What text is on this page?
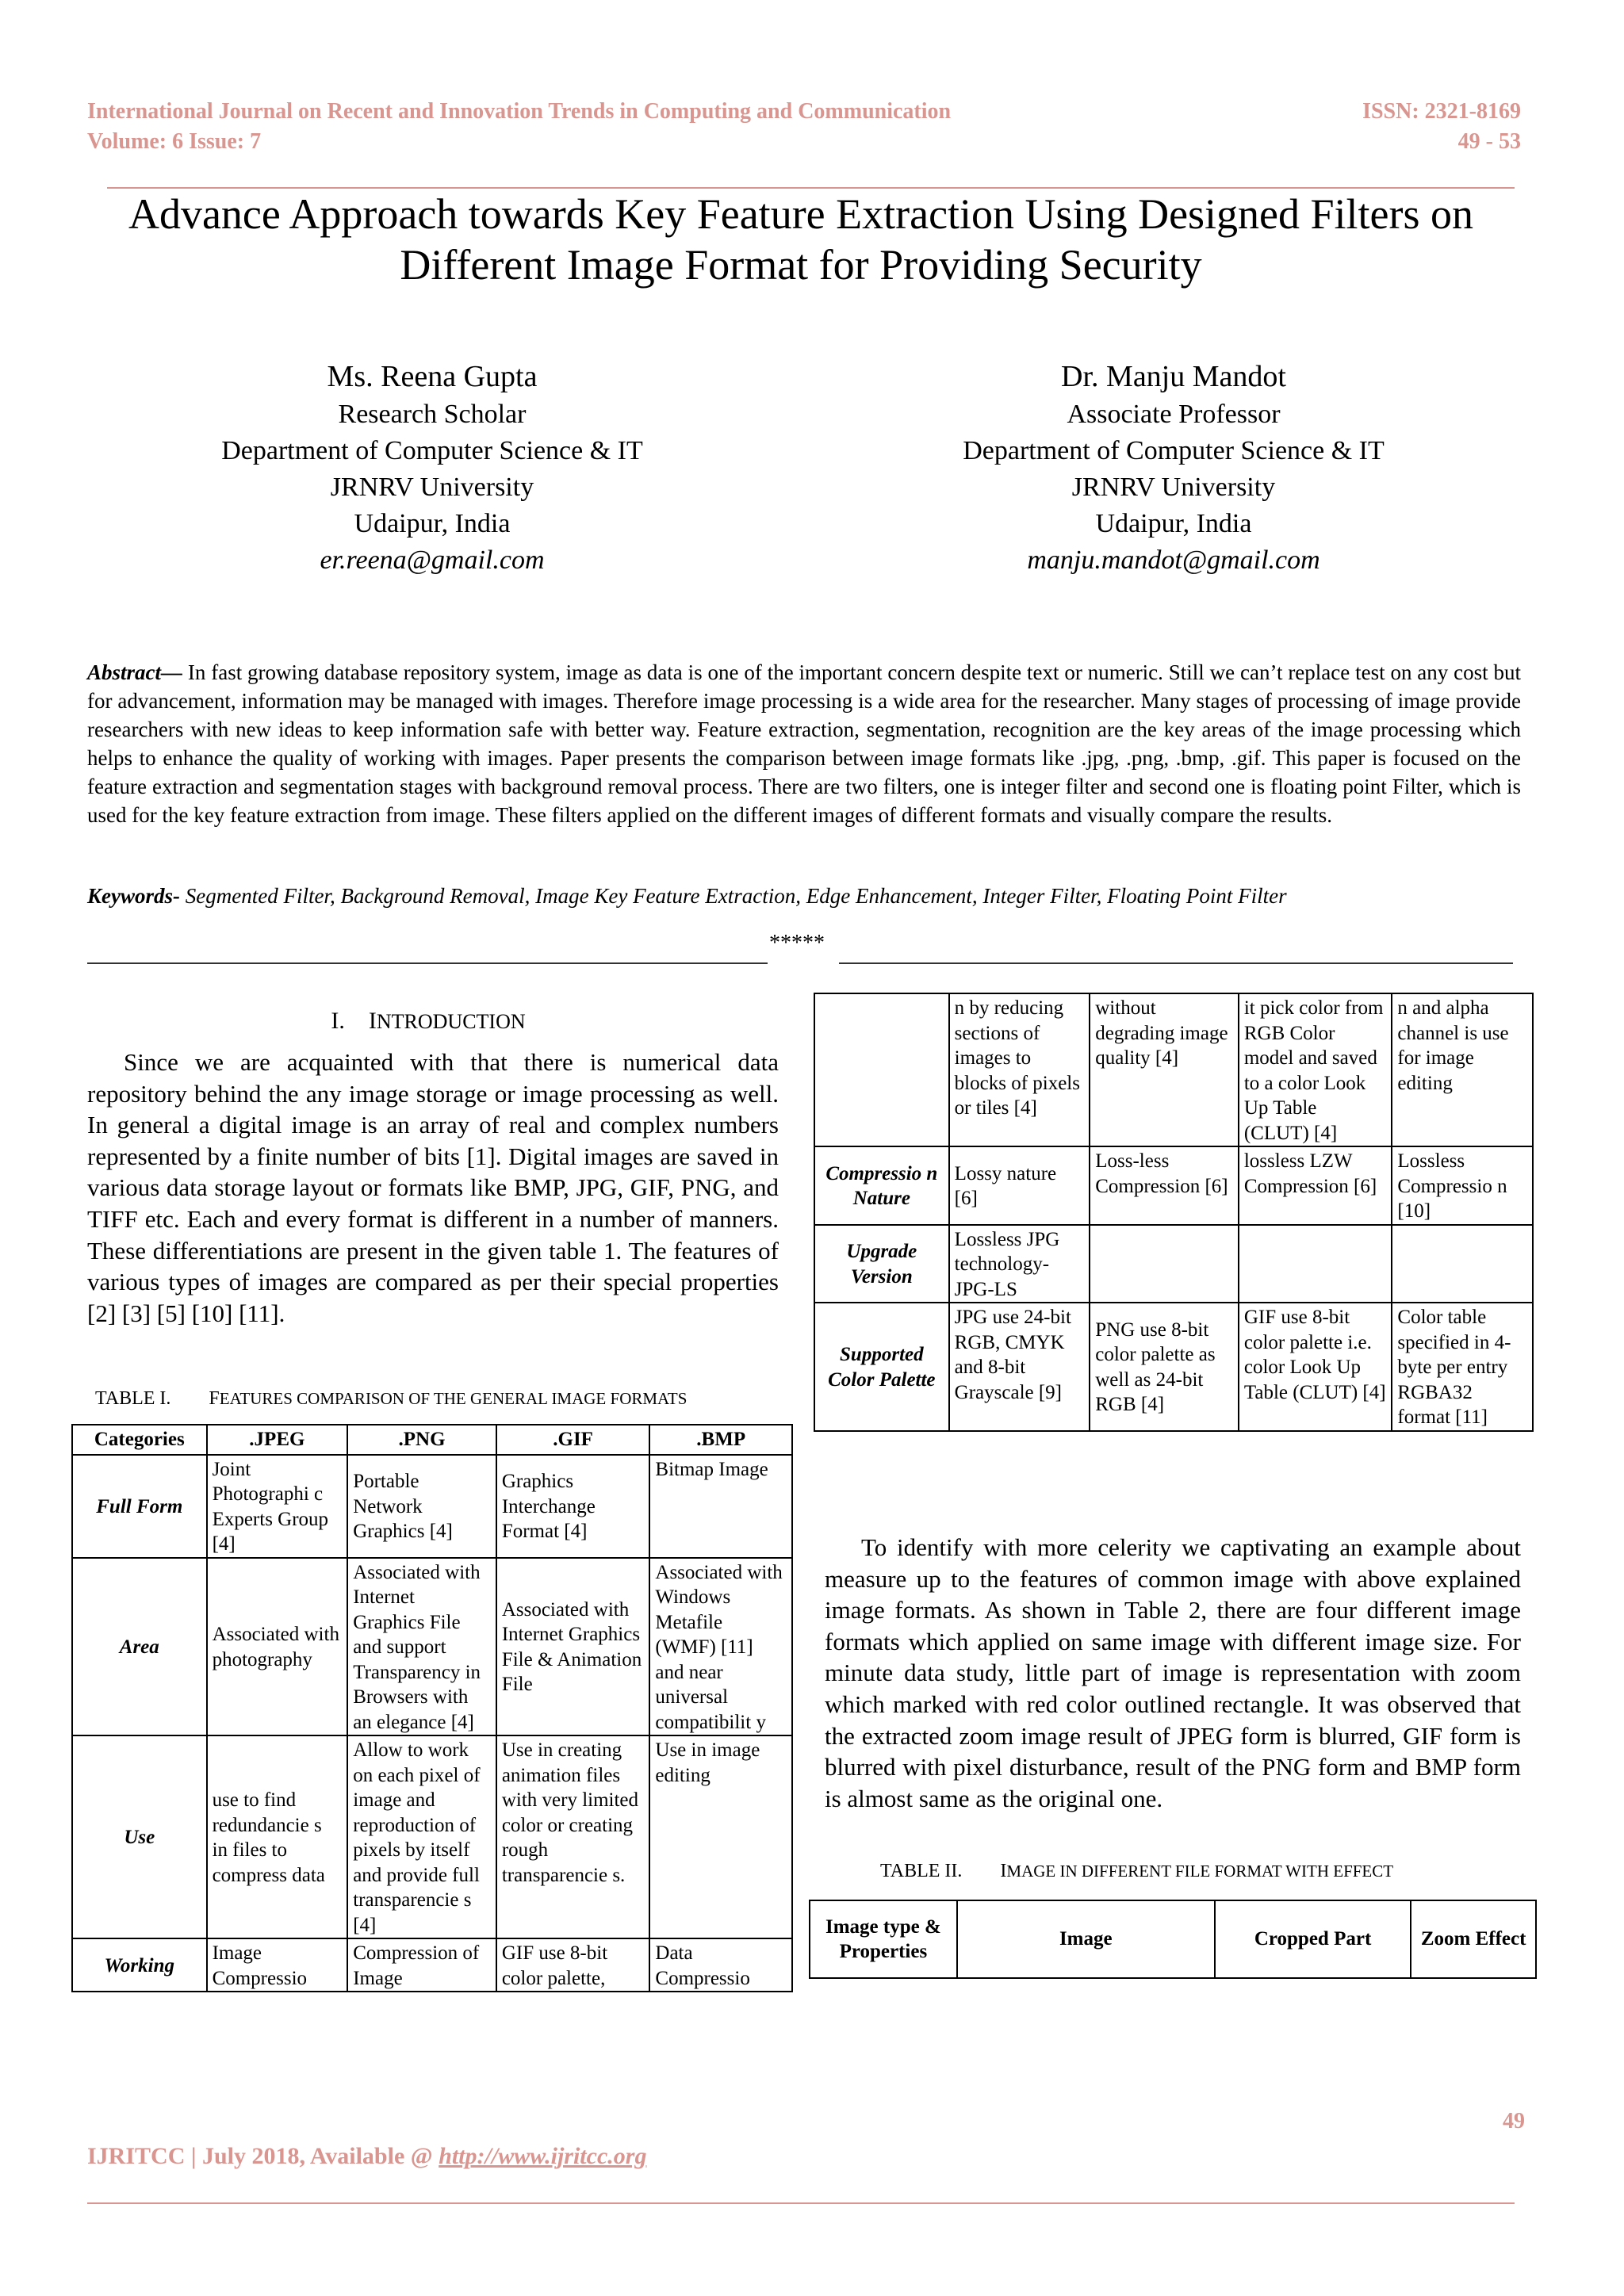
International Journal on Recent and Innovation Trends in Computing and Communication
Volume: 6 Issue: 7
ISSN: 2321-8169
49 - 53
Advance Approach towards Key Feature Extraction Using Designed Filters on Different Image Format for Providing Security
Ms. Reena Gupta
Research Scholar
Department of Computer Science & IT
JRNRV University
Udaipur, India
er.reena@gmail.com
Dr. Manju Mandot
Associate Professor
Department of Computer Science & IT
JRNRV University
Udaipur, India
manju.mandot@gmail.com
Abstract— In fast growing database repository system, image as data is one of the important concern despite text or numeric. Still we can’t replace test on any cost but for advancement, information may be managed with images. Therefore image processing is a wide area for the researcher. Many stages of processing of image provide researchers with new ideas to keep information safe with better way. Feature extraction, segmentation, recognition are the key areas of the image processing which helps to enhance the quality of working with images. Paper presents the comparison between image formats like .jpg, .png, .bmp, .gif. This paper is focused on the feature extraction and segmentation stages with background removal process. There are two filters, one is integer filter and second one is floating point Filter, which is used for the key feature extraction from image. These filters applied on the different images of different formats and visually compare the results.
Keywords- Segmented Filter, Background Removal, Image Key Feature Extraction, Edge Enhancement, Integer Filter, Floating Point Filter
*****
I. INTRODUCTION
Since we are acquainted with that there is numerical data repository behind the any image storage or image processing as well. In general a digital image is an array of real and complex numbers represented by a finite number of bits [1]. Digital images are saved in various data storage layout or formats like BMP, JPG, GIF, PNG, and TIFF etc. Each and every format is different in a number of manners. These differentiations are present in the given table 1. The features of various types of images are compared as per their special properties [2] [3] [5] [10] [11].
TABLE I. FEATURES COMPARISON OF THE GENERAL IMAGE FORMATS
Categories	.JPEG	.PNG	.GIF	.BMP
Full Form	Joint Photographi c Experts Group [4]	Portable Network Graphics [4]	Graphics Interchange Format [4]	Bitmap Image
Area	Associated with photography	Associated with Internet Graphics File and support Transparency in Browsers with an elegance [4]	Associated with Internet Graphics File & Animation File	Associated with Windows Metafile (WMF) [11] and near universal compatibilit y
Use	use to find redundancie s in files to compress data	Allow to work on each pixel of image and reproduction of pixels by itself and provide full transparencie s [4]	Use in creating animation files with very limited color or creating rough transparencie s.	Use in image editing
Working	Image Compressio	Compression of Image	GIF use 8-bit color palette,	Data Compressio
	n by reducing sections of images to blocks of pixels or tiles [4]	without degrading image quality [4]	it pick color from RGB Color model and saved to a color Look Up Table (CLUT) [4]	n and alpha channel is use for image editing
Compressio n Nature	Lossy nature [6]	Loss-less Compression [6]	lossless LZW Compression [6]	Lossless Compressio n [10]
Upgrade Version	Lossless JPG technology-JPG-LS			
Supported Color Palette	JPG use 24-bit RGB, CMYK and 8-bit Grayscale [9]	PNG use 8-bit color palette as well as 24-bit RGB [4]	GIF use 8-bit color palette i.e. color Look Up Table (CLUT) [4]	Color table specified in 4-byte per entry RGBA32 format [11]
To identify with more celerity we captivating an example about measure up to the features of common image with above explained image formats. As shown in Table 2, there are four different image formats which applied on same image with different image size. For minute data study, little part of image is representation with zoom which marked with red color outlined rectangle. It was observed that the extracted zoom image result of JPEG form is blurred, GIF form is blurred with pixel disturbance, result of the PNG form and BMP form is almost same as the original one.
TABLE II. IMAGE IN DIFFERENT FILE FORMAT WITH EFFECT
Image type & Properties	Image	Cropped Part	Zoom Effect
49
IJRITCC | July 2018, Available @ http://www.ijritcc.org
